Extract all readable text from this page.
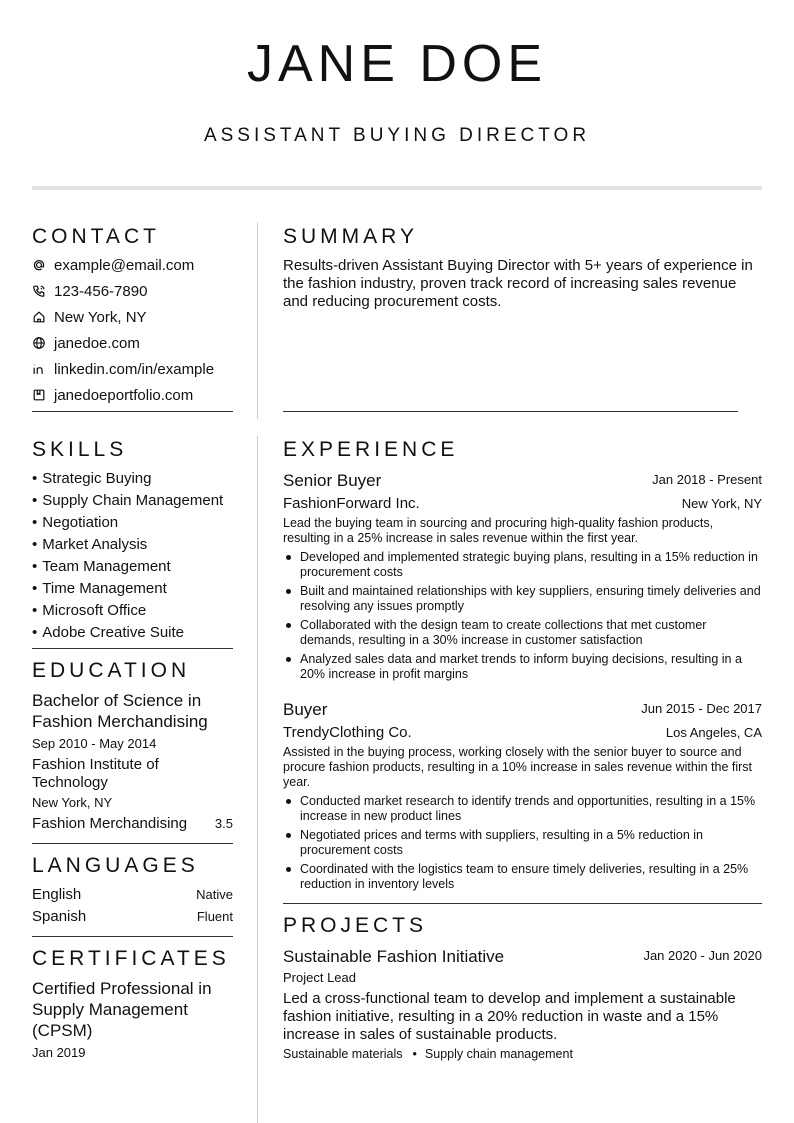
JANE DOE
ASSISTANT BUYING DIRECTOR
CONTACT
example@email.com
123-456-7890
New York, NY
janedoe.com
linkedin.com/in/example
janedoeportfolio.com
SKILLS
• Strategic Buying
• Supply Chain Management
• Negotiation
• Market Analysis
• Team Management
• Time Management
• Microsoft Office
• Adobe Creative Suite
EDUCATION
Bachelor of Science in Fashion Merchandising
Sep 2010 - May 2014
Fashion Institute of Technology
New York, NY
Fashion Merchandising	3.5
LANGUAGES
English	Native
Spanish	Fluent
CERTIFICATES
Certified Professional in Supply Management (CPSM)
Jan 2019
SUMMARY
Results-driven Assistant Buying Director with 5+ years of experience in the fashion industry, proven track record of increasing sales revenue and reducing procurement costs.
EXPERIENCE
Senior Buyer	Jan 2018 - Present
FashionForward Inc.	New York, NY
Lead the buying team in sourcing and procuring high-quality fashion products, resulting in a 25% increase in sales revenue within the first year.
Developed and implemented strategic buying plans, resulting in a 15% reduction in procurement costs
Built and maintained relationships with key suppliers, ensuring timely deliveries and resolving any issues promptly
Collaborated with the design team to create collections that met customer demands, resulting in a 30% increase in customer satisfaction
Analyzed sales data and market trends to inform buying decisions, resulting in a 20% increase in profit margins
Buyer	Jun 2015 - Dec 2017
TrendyClothing Co.	Los Angeles, CA
Assisted in the buying process, working closely with the senior buyer to source and procure fashion products, resulting in a 10% increase in sales revenue within the first year.
Conducted market research to identify trends and opportunities, resulting in a 15% increase in new product lines
Negotiated prices and terms with suppliers, resulting in a 5% reduction in procurement costs
Coordinated with the logistics team to ensure timely deliveries, resulting in a 25% reduction in inventory levels
PROJECTS
Sustainable Fashion Initiative	Jan 2020 - Jun 2020
Project Lead
Led a cross-functional team to develop and implement a sustainable fashion initiative, resulting in a 20% reduction in waste and a 15% increase in sales of sustainable products.
Sustainable materials • Supply chain management
